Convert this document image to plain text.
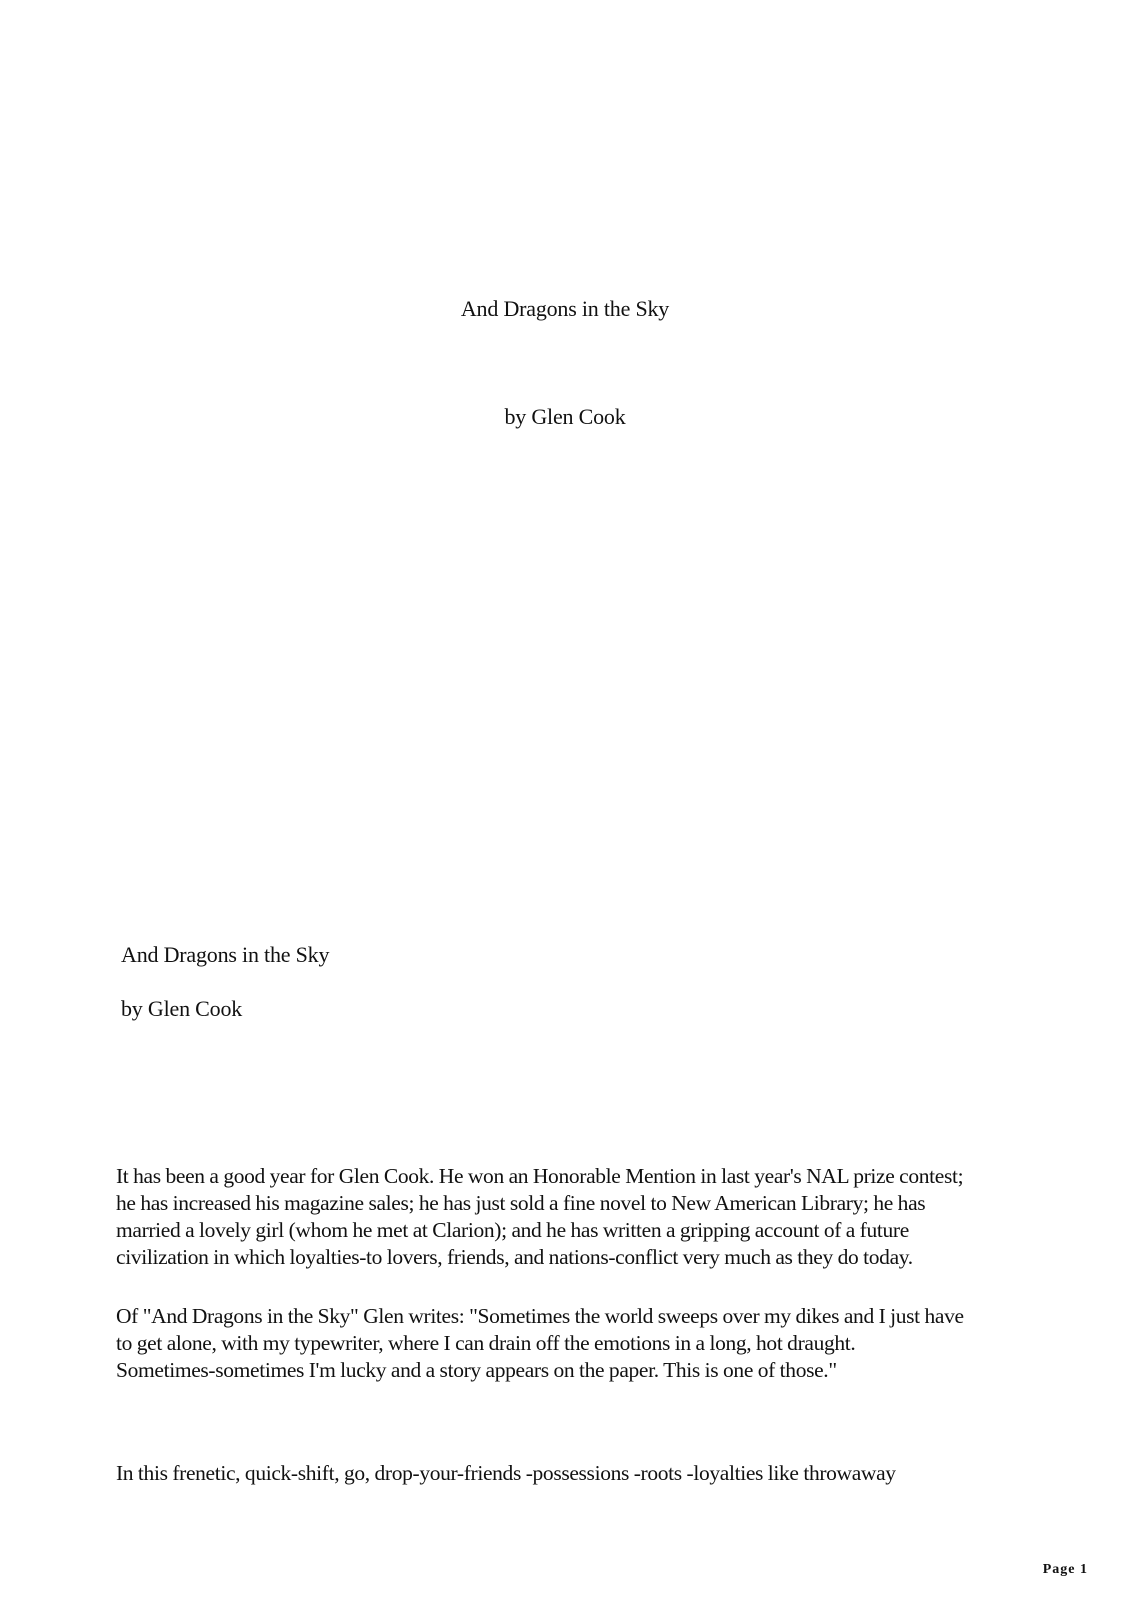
And Dragons in the Sky
by Glen Cook
And Dragons in the Sky
by Glen Cook
It has been a good year for Glen Cook. He won an Honorable Mention in last year's NAL prize contest;
he has increased his magazine sales; he has just sold a fine novel to New American Library; he has
married a lovely girl (whom he met at Clarion); and he has written a gripping account of a future
civilization in which loyalties-to lovers, friends, and nations-conflict very much as they do today.
Of "And Dragons in the Sky" Glen writes: "Sometimes the world sweeps over my dikes and I just have
to get alone, with my typewriter, where I can drain off the emotions in a long, hot draught.
Sometimes-sometimes I'm lucky and a story appears on the paper. This is one of those."
In this frenetic, quick-shift, go, drop-your-friends -possessions -roots -loyalties like throwaway
Page 1
